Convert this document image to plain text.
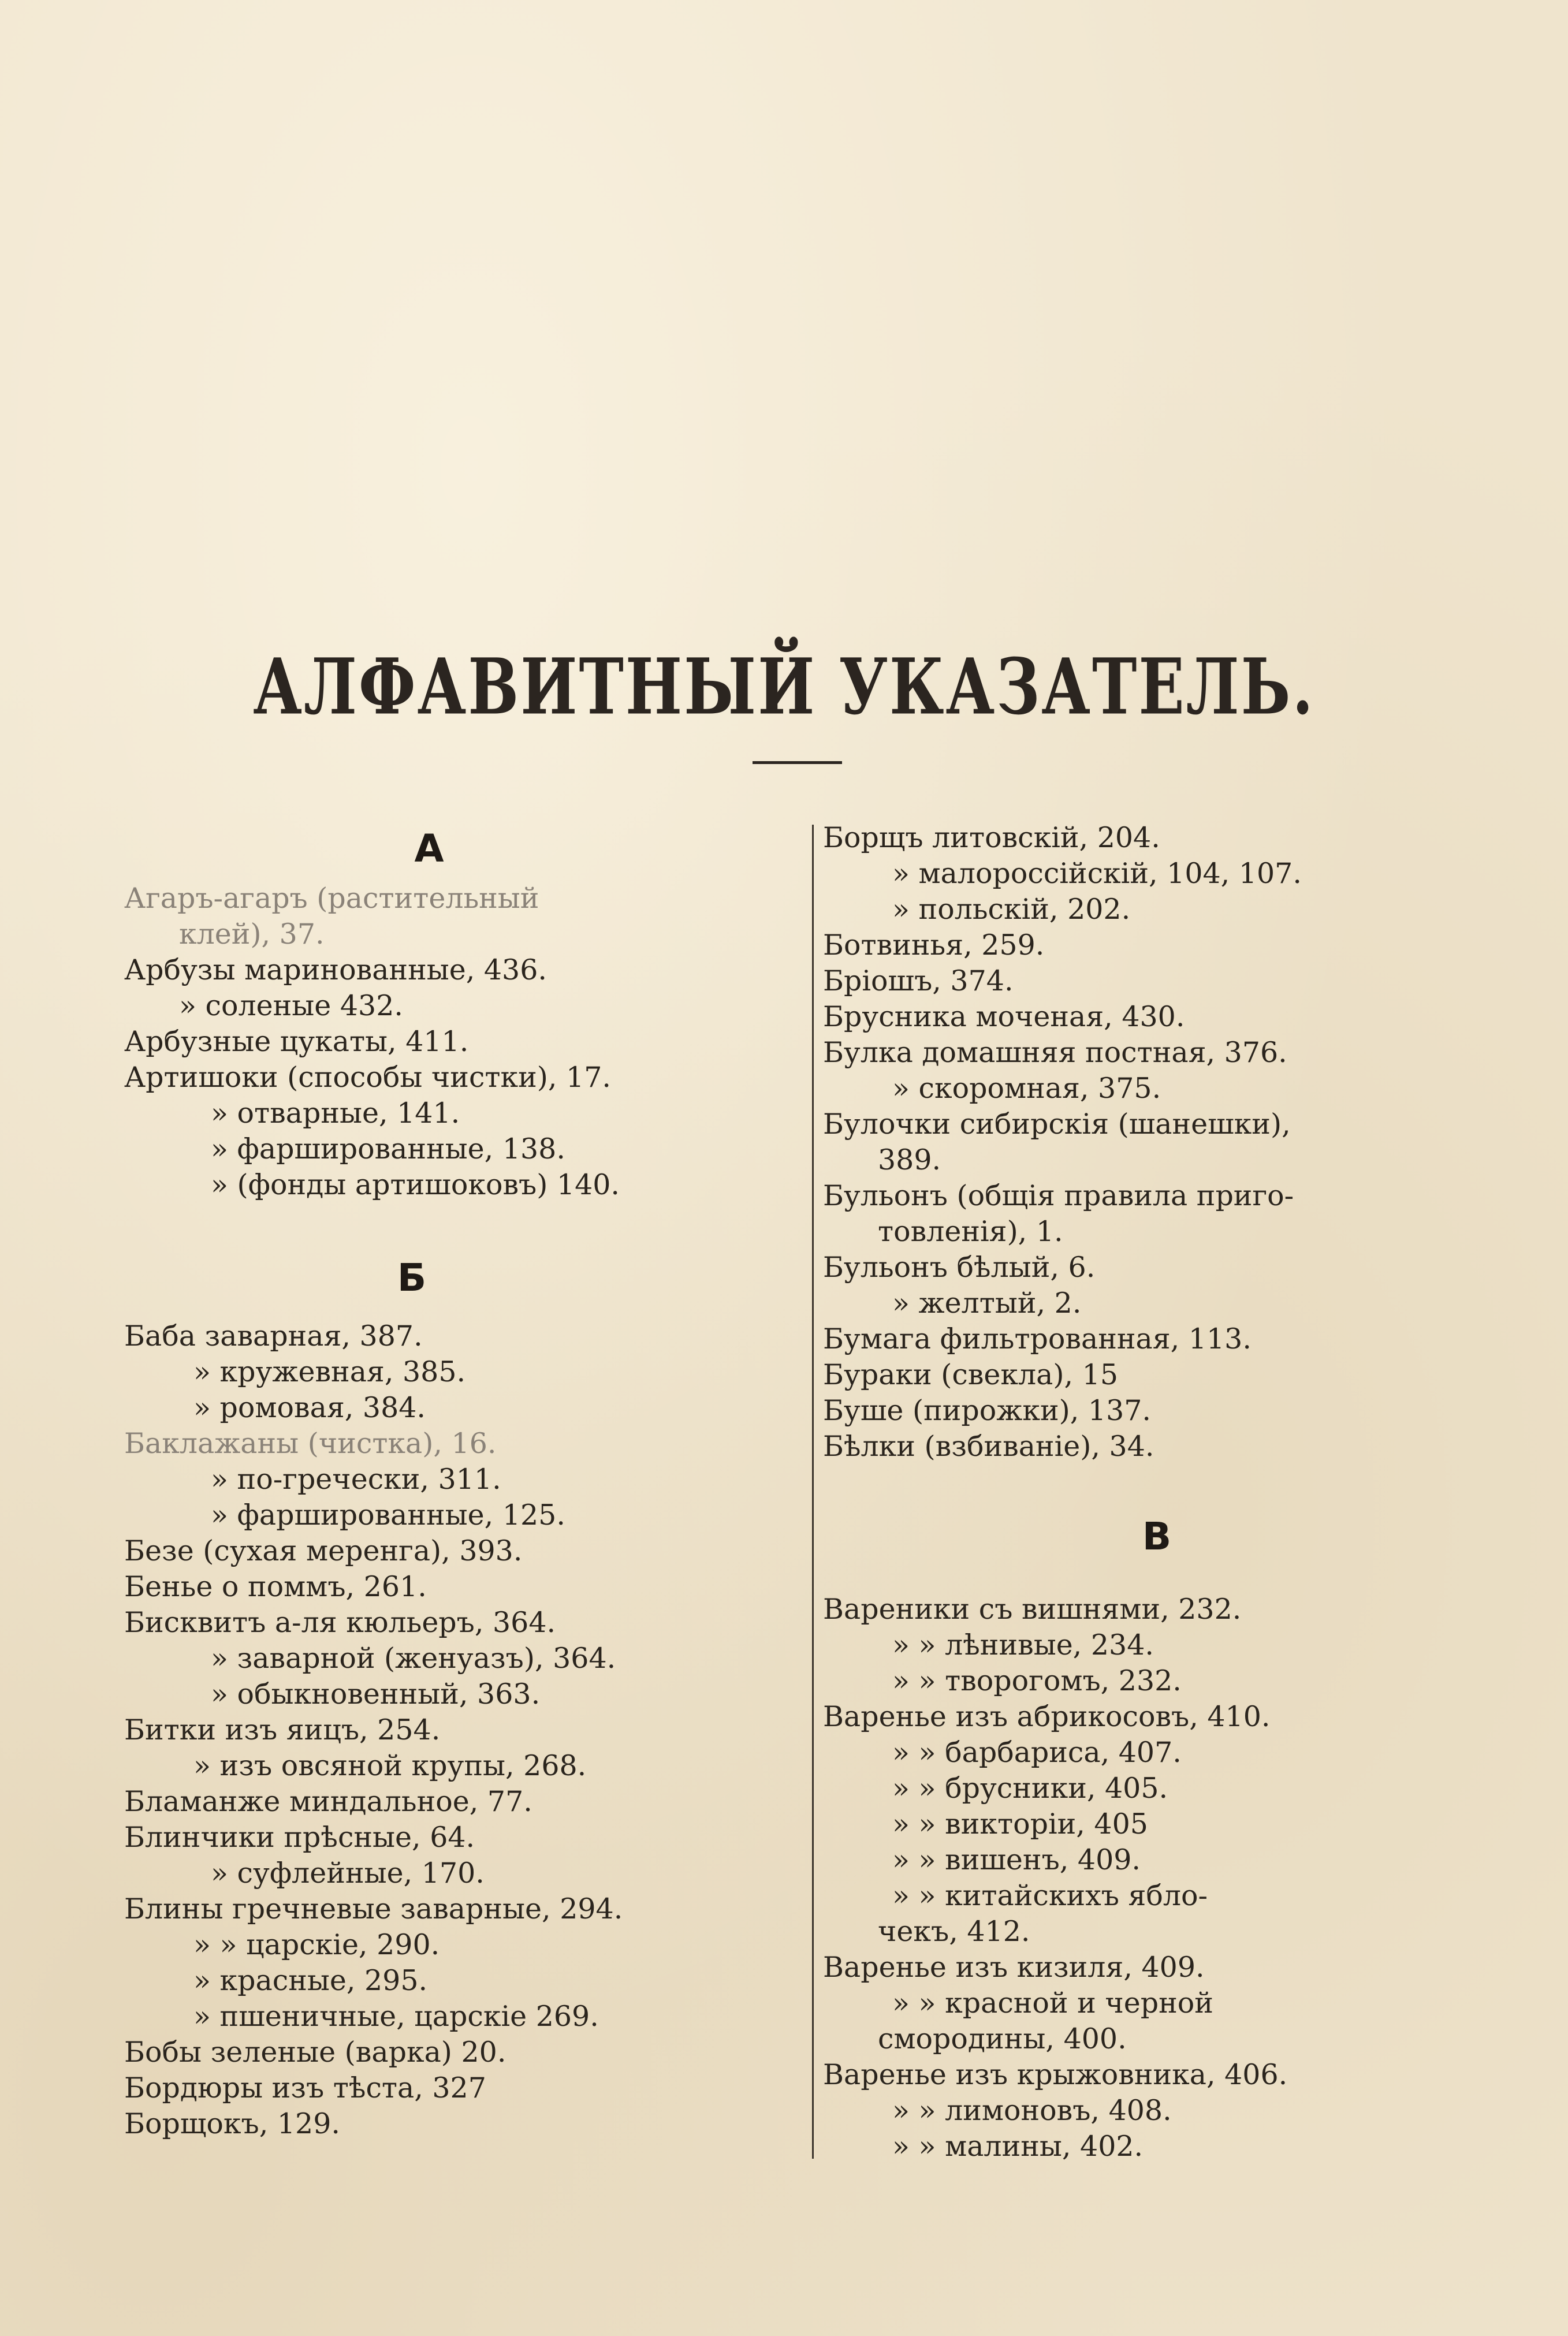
АЛФАВИТНЫЙ УКАЗАТЕЛЬ.
А
Агаръ-агаръ (растительный
клей), 37.
Арбузы маринованные, 436.
» соленые 432.
Арбузные цукаты, 411.
Артишоки (способы чистки), 17.
» отварные, 141.
» фаршированные, 138.
» (фонды артишоковъ) 140.
Б
Баба заварная, 387.
» кружевная, 385.
» ромовая, 384.
Баклажаны (чистка), 16.
» по-гречески, 311.
» фаршированные, 125.
Безе (сухая меренга), 393.
Бенье о поммъ, 261.
Бисквитъ а-ля кюльеръ, 364.
» заварной (женуазъ), 364.
» обыкновенный, 363.
Битки изъ яицъ, 254.
» изъ овсяной крупы, 268.
Бламанже миндальное, 77.
Блинчики прѣсные, 64.
» суфлейные, 170.
Блины гречневые заварные, 294.
» » царскіе, 290.
» красные, 295.
» пшеничные, царскіе 269.
Бобы зеленые (варка) 20.
Бордюры изъ тѣста, 327
Борщокъ, 129.
Борщъ литовскій, 204.
» малороссійскій, 104, 107.
» польскій, 202.
Ботвинья, 259.
Бріошъ, 374.
Брусника моченая, 430.
Булка домашняя постная, 376.
» скоромная, 375.
Булочки сибирскія (шанешки),
389.
Бульонъ (общія правила приго-
товленія), 1.
Бульонъ бѣлый, 6.
» желтый, 2.
Бумага фильтрованная, 113.
Бураки (свекла), 15
Буше (пирожки), 137.
Бѣлки (взбиваніе), 34.
В
Вареники съ вишнями, 232.
» » лѣнивые, 234.
» » творогомъ, 232.
Варенье изъ абрикосовъ, 410.
» » барбариса, 407.
» » брусники, 405.
» » викторіи, 405
» » вишенъ, 409.
» » китайскихъ ябло-
чекъ, 412.
Варенье изъ кизиля, 409.
» » красной и черной
смородины, 400.
Варенье изъ крыжовника, 406.
» » лимоновъ, 408.
» » малины, 402.
